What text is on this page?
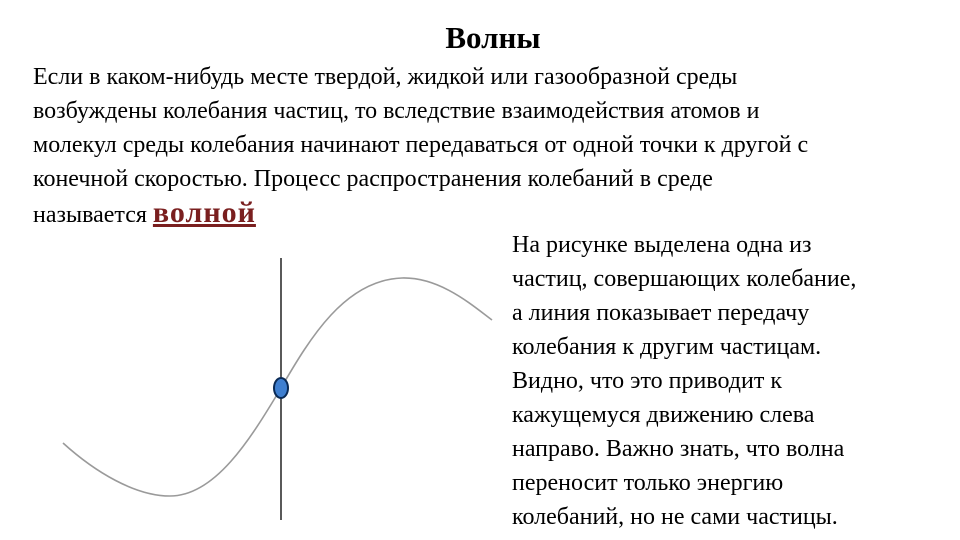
Волны
Если в каком-нибудь месте твердой, жидкой или газообразной среды
возбуждены колебания частиц, то вследствие взаимодействия атомов и
молекул среды колебания начинают передаваться от одной точки к другой с
конечной скоростью. Процесс распространения колебаний в среде
называется волной
На рисунке выделена одна из
частиц, совершающих колебание,
а линия показывает передачу
колебания к другим частицам.
Видно, что это приводит к
кажущемуся движению слева
направо. Важно знать, что волна
переносит только энергию
колебаний, но не сами частицы.
